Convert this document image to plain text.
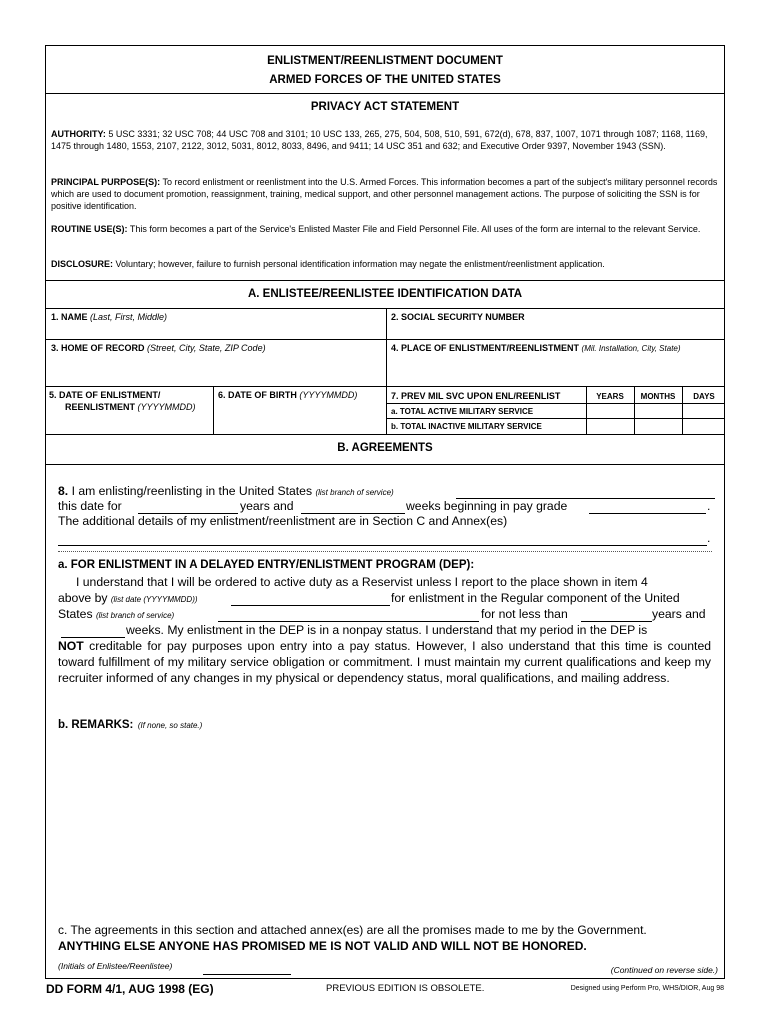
ENLISTMENT/REENLISTMENT DOCUMENT
ARMED FORCES OF THE UNITED STATES
PRIVACY ACT STATEMENT
AUTHORITY: 5 USC 3331; 32 USC 708; 44 USC 708 and 3101; 10 USC 133, 265, 275, 504, 508, 510, 591, 672(d), 678, 837, 1007, 1071 through 1087; 1168, 1169, 1475 through 1480, 1553, 2107, 2122, 3012, 5031, 8012, 8033, 8496, and 9411; 14 USC 351 and 632; and Executive Order 9397, November 1943 (SSN).
PRINCIPAL PURPOSE(S): To record enlistment or reenlistment into the U.S. Armed Forces. This information becomes a part of the subject's military personnel records which are used to document promotion, reassignment, training, medical support, and other personnel management actions. The purpose of soliciting the SSN is for positive identification.
ROUTINE USE(S): This form becomes a part of the Service's Enlisted Master File and Field Personnel File. All uses of the form are internal to the relevant Service.
DISCLOSURE: Voluntary; however, failure to furnish personal identification information may negate the enlistment/reenlistment application.
A. ENLISTEE/REENLISTEE IDENTIFICATION DATA
1. NAME (Last, First, Middle)	2. SOCIAL SECURITY NUMBER
3. HOME OF RECORD (Street, City, State, ZIP Code)	4. PLACE OF ENLISTMENT/REENLISTMENT (Mil. Installation, City, State)
5. DATE OF ENLISTMENT/
REENLISTMENT (YYYYMMDD)
6. DATE OF BIRTH (YYYYMMDD)	7. PREV MIL SVC UPON ENL/REENLIST	YEARS	MONTHS	DAYS
a. TOTAL ACTIVE MILITARY SERVICE
b. TOTAL INACTIVE MILITARY SERVICE
B. AGREEMENTS
8. I am enlisting/reenlisting in the United States (list branch of service)
this date for	years and	weeks beginning in pay grade	.
The additional details of my enlistment/reenlistment are in Section C and Annex(es)
.
a. FOR ENLISTMENT IN A DELAYED ENTRY/ENLISTMENT PROGRAM (DEP):
I understand that I will be ordered to active duty as a Reservist unless I report to the place shown in item 4
above by (list date (YYYYMMDD))	for enlistment in the Regular component of the United
States (list branch of service)	for not less than	years and
weeks. My enlistment in the DEP is in a nonpay status. I understand that my period in the DEP is
NOT creditable for pay purposes upon entry into a pay status. However, I also understand that this time is counted toward fulfillment of my military service obligation or commitment. I must maintain my current qualifications and keep my recruiter informed of any changes in my physical or dependency status, moral qualifications, and mailing address.
b. REMARKS: (If none, so state.)
c. The agreements in this section and attached annex(es) are all the promises made to me by the Government.
ANYTHING ELSE ANYONE HAS PROMISED ME IS NOT VALID AND WILL NOT BE HONORED.
(Initials of Enlistee/Reenlistee)	(Continued on reverse side.)
DD FORM 4/1, AUG 1998 (EG)	PREVIOUS EDITION IS OBSOLETE.	Designed using Perform Pro, WHS/DIOR, Aug 98
